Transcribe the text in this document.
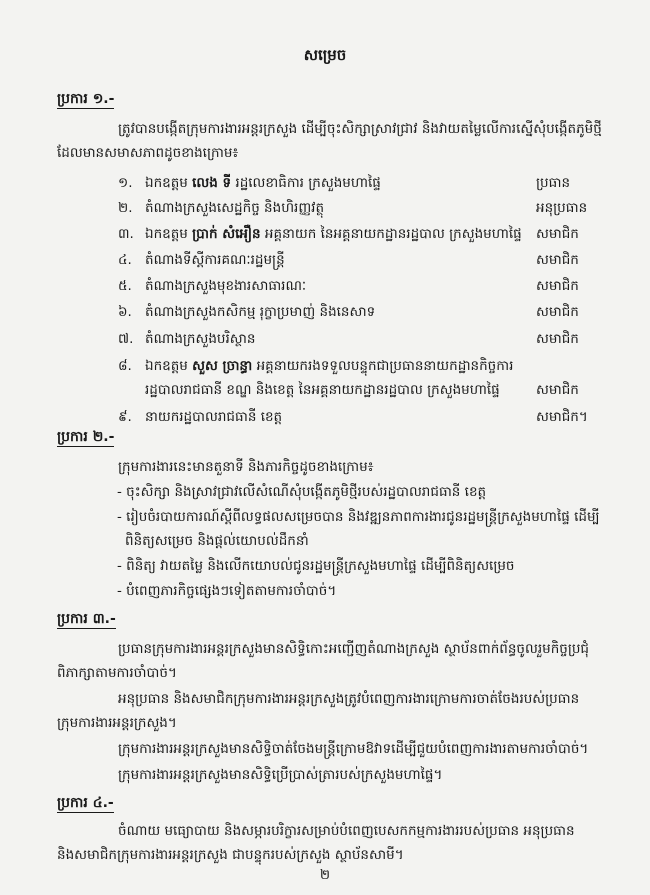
សម្រេច
ប្រការ ១.-
ត្រូវបានបង្កើតក្រុមការងារអន្តរក្រសួង ដើម្បីចុះសិក្សាស្រាវជ្រាវ និងវាយតម្លៃលើការស្នើសុំបង្កើតភូមិថ្មី
ដែលមានសមាសភាពដូចខាងក្រោម៖
១. ឯកឧត្តម លេង ទី រដ្ឋលេខាធិការ ក្រសួងមហាផ្ទៃ	ប្រធាន
២. តំណាងក្រសួងសេដ្ឋកិច្ច និងហិរញ្ញវត្ថុ	អនុប្រធាន
៣. ឯកឧត្តម ប្រាក់ សំអឿន អគ្គនាយក នៃអគ្គនាយកដ្ឋានរដ្ឋបាល ក្រសួងមហាផ្ទៃ សមាជិក
៤. តំណាងទីស្តីការគណៈរដ្ឋមន្ត្រី	សមាជិក
៥. តំណាងក្រសួងមុខងារសាធារណៈ	សមាជិក
៦. តំណាងក្រសួងកសិកម្ម រុក្ខាប្រមាញ់ និងនេសាទ	សមាជិក
៧. តំណាងក្រសួងបរិស្ថាន	សមាជិក
៨. ឯកឧត្តម សួស ច្រាន្ធា អគ្គនាយករងទទួលបន្ទុកជាប្រធាននាយកដ្ឋានកិច្ចការ
រដ្ឋបាលរាជធានី ខណ្ឌ និងខេត្ត នៃអគ្គនាយកដ្ឋានរដ្ឋបាល ក្រសួងមហាផ្ទៃ	សមាជិក
៩. នាយករដ្ឋបាលរាជធានី ខេត្ត	សមាជិក។
ប្រការ ២.-
ក្រុមការងារនេះមានតួនាទី និងភារកិច្ចដូចខាងក្រោម៖
- ចុះសិក្សា និងស្រាវជ្រាវលើសំណើសុំបង្កើតភូមិថ្មីរបស់រដ្ឋបាលរាជធានី ខេត្ត
- រៀបចំរបាយការណ៍ស្តីពីលទ្ធផលសម្រេចបាន និងវឌ្ឍនភាពការងារជូនរដ្ឋមន្ត្រីក្រសួងមហាផ្ទៃ ដើម្បី
ពិនិត្យសម្រេច និងផ្តល់យោបល់ដឹកនាំ
- ពិនិត្យ វាយតម្លៃ និងលើកយោបល់ជូនរដ្ឋមន្ត្រីក្រសួងមហាផ្ទៃ ដើម្បីពិនិត្យសម្រេច
- បំពេញភារកិច្ចផ្សេងៗទៀតតាមការចាំបាច់។
ប្រការ ៣.-
ប្រធានក្រុមការងារអន្តរក្រសួងមានសិទ្ធិកោះអញ្ជើញតំណាងក្រសួង ស្ថាប័នពាក់ព័ន្ធចូលរួមកិច្ចប្រជុំ
ពិភាក្សាតាមការចាំបាច់។
អនុប្រធាន និងសមាជិកក្រុមការងារអន្តរក្រសួងត្រូវបំពេញការងារក្រោមការចាត់ចែងរបស់ប្រធាន
ក្រុមការងារអន្តរក្រសួង។
ក្រុមការងារអន្តរក្រសួងមានសិទ្ធិចាត់ចែងមន្ត្រីក្រោមឱវាទដើម្បីជួយបំពេញការងារតាមការចាំបាច់។
ក្រុមការងារអន្តរក្រសួងមានសិទ្ធិប្រើប្រាស់ត្រារបស់ក្រសួងមហាផ្ទៃ។
ប្រការ ៤.-
ចំណាយ មធ្យោបាយ និងសម្ភារបរិក្ខារសម្រាប់បំពេញបេសកកម្មការងាររបស់ប្រធាន អនុប្រធាន
និងសមាជិកក្រុមការងារអន្តរក្រសួង ជាបន្ទុករបស់ក្រសួង ស្ថាប័នសាមី។
២
